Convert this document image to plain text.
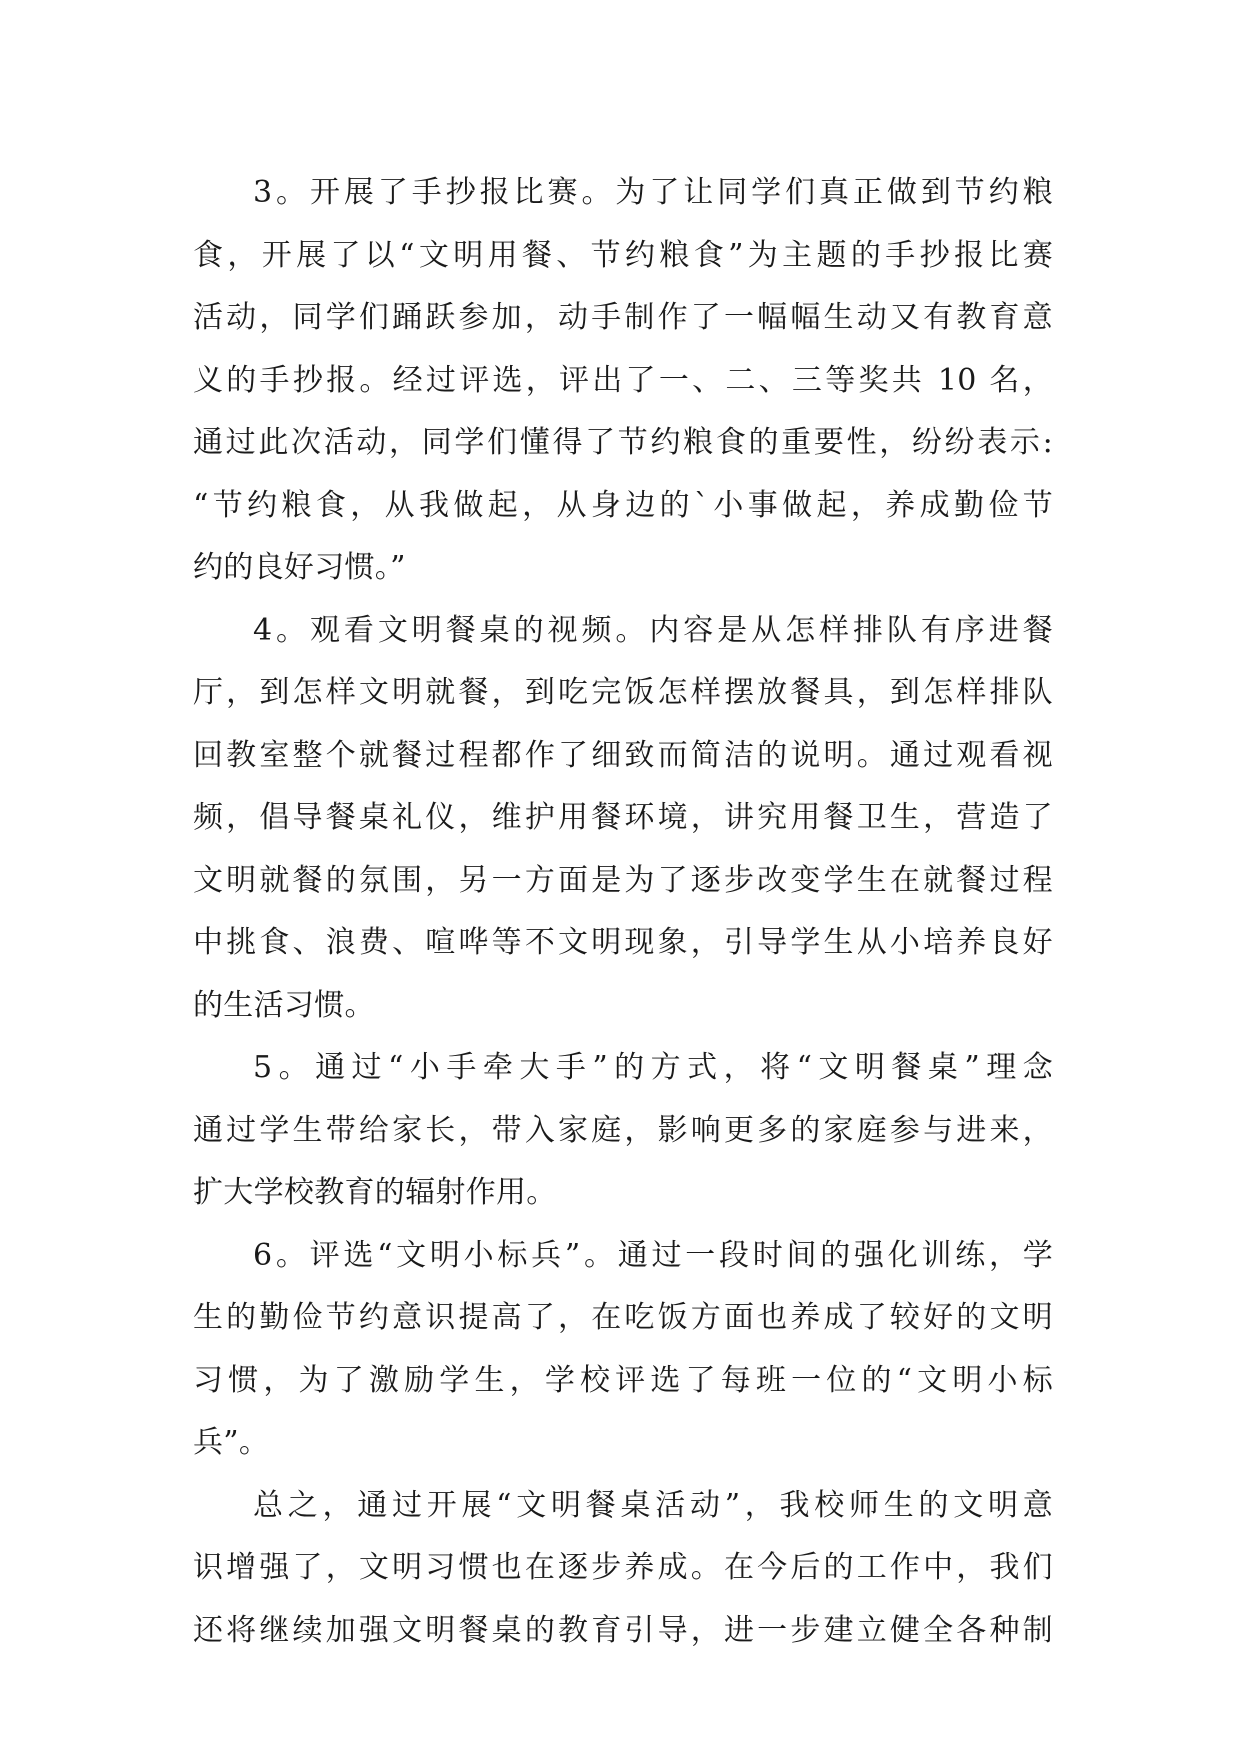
3。开展了手抄报比赛。为了让同学们真正做到节约粮
食，开展了以“文明用餐、节约粮食”为主题的手抄报比赛
活动，同学们踊跃参加，动手制作了一幅幅生动又有教育意
义的手抄报。经过评选，评出了一、二、三等奖共 10 名，
通过此次活动，同学们懂得了节约粮食的重要性，纷纷表示:
“节约粮食，从我做起，从身边的`小事做起，养成勤俭节
约的良好习惯。”
4。观看文明餐桌的视频。内容是从怎样排队有序进餐
厅，到怎样文明就餐，到吃完饭怎样摆放餐具，到怎样排队
回教室整个就餐过程都作了细致而简洁的说明。通过观看视
频，倡导餐桌礼仪，维护用餐环境，讲究用餐卫生，营造了
文明就餐的氛围，另一方面是为了逐步改变学生在就餐过程
中挑食、浪费、喧哗等不文明现象，引导学生从小培养良好
的生活习惯。
5。通过“小手牵大手”的方式，将“文明餐桌”理念
通过学生带给家长，带入家庭，影响更多的家庭参与进来，
扩大学校教育的辐射作用。
6。评选“文明小标兵”。通过一段时间的强化训练，学
生的勤俭节约意识提高了，在吃饭方面也养成了较好的文明
习惯，为了激励学生，学校评选了每班一位的“文明小标
兵”。
总之，通过开展“文明餐桌活动”，我校师生的文明意
识增强了，文明习惯也在逐步养成。在今后的工作中，我们
还将继续加强文明餐桌的教育引导，进一步建立健全各种制
